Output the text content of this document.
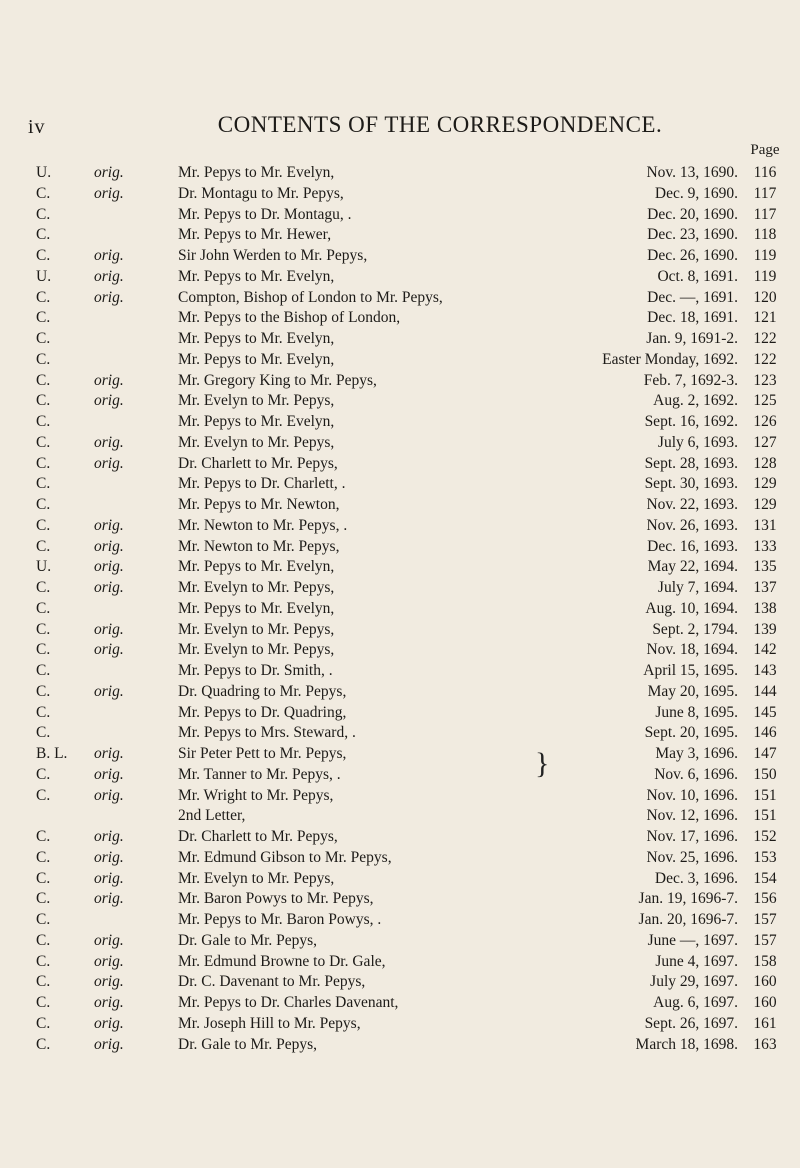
iv	CONTENTS OF THE CORRESPONDENCE.
Page
U.	orig.	Mr. Pepys to Mr. Evelyn,	Nov. 13, 1690.	116
C.	orig.	Dr. Montagu to Mr. Pepys,	Dec. 9, 1690.	117
C.	Mr. Pepys to Dr. Montagu, .	Dec. 20, 1690.	117
C.	Mr. Pepys to Mr. Hewer,	Dec. 23, 1690.	118
C.	orig.	Sir John Werden to Mr. Pepys,	Dec. 26, 1690.	119
U.	orig.	Mr. Pepys to Mr. Evelyn,	Oct. 8, 1691.	119
C.	orig.	Compton, Bishop of London to Mr. Pepys,	Dec. —, 1691. 120
C.	Mr. Pepys to the Bishop of London,	Dec. 18, 1691. 121
C.	Mr. Pepys to Mr. Evelyn,	Jan. 9, 1691-2. 122
C.	Mr. Pepys to Mr. Evelyn,	Easter Monday, 1692. 122
C.	orig.	Mr. Gregory King to Mr. Pepys,	Feb. 7, 1692-3. 123
C.	orig.	Mr. Evelyn to Mr. Pepys,	Aug. 2, 1692. 125
C.	Mr. Pepys to Mr. Evelyn,	Sept. 16, 1692. 126
C.	orig.	Mr. Evelyn to Mr. Pepys,	July 6, 1693. 127
C.	orig.	Dr. Charlett to Mr. Pepys,	Sept. 28, 1693. 128
C.	Mr. Pepys to Dr. Charlett, .	Sept. 30, 1693. 129
C.	Mr. Pepys to Mr. Newton,	Nov. 22, 1693. 129
C.	orig.	Mr. Newton to Mr. Pepys, .	Nov. 26, 1693. 131
C.	orig.	Mr. Newton to Mr. Pepys,	Dec. 16, 1693. 133
U.	orig.	Mr. Pepys to Mr. Evelyn,	May 22, 1694. 135
C.	orig.	Mr. Evelyn to Mr. Pepys,	July 7, 1694. 137
C.	Mr. Pepys to Mr. Evelyn,	Aug. 10, 1694. 138
C.	orig.	Mr. Evelyn to Mr. Pepys,	Sept. 2, 1794. 139
C.	orig.	Mr. Evelyn to Mr. Pepys,	Nov. 18, 1694. 142
C.	Mr. Pepys to Dr. Smith, .	April 15, 1695. 143
C.	orig.	Dr. Quadring to Mr. Pepys,	May 20, 1695. 144
C.	Mr. Pepys to Dr. Quadring,	June 8, 1695. 145
C.	Mr. Pepys to Mrs. Steward, .	Sept. 20, 1695. 146
B. L. orig.	Sir Peter Pett to Mr. Pepys,	May 3, 1696. 147
C.	orig.	Mr. Tanner to Mr. Pepys, .	Nov. 6, 1696. 150
C.	orig.	Mr. Wright to Mr. Pepys,	Nov. 10, 1696. 151
2nd Letter,	Nov. 12, 1696. 151
C.	orig.	Dr. Charlett to Mr. Pepys,	Nov. 17, 1696. 152
C.	orig.	Mr. Edmund Gibson to Mr. Pepys,	Nov. 25, 1696. 153
C.	orig.	Mr. Evelyn to Mr. Pepys,	Dec. 3, 1696. 154
C.	orig.	Mr. Baron Powys to Mr. Pepys,	Jan. 19, 1696-7. 156
C.	Mr. Pepys to Mr. Baron Powys, .	Jan. 20, 1696-7. 157
C.	orig.	Dr. Gale to Mr. Pepys,	June —, 1697. 157
C.	orig.	Mr. Edmund Browne to Dr. Gale,	June 4, 1697. 158
C.	orig.	Dr. C. Davenant to Mr. Pepys,	July 29, 1697. 160
C.	orig.	Mr. Pepys to Dr. Charles Davenant,	Aug. 6, 1697. 160
C.	orig.	Mr. Joseph Hill to Mr. Pepys,	Sept. 26, 1697. 161
C.	orig.	Dr. Gale to Mr. Pepys,	March 18, 1698. 163
}
